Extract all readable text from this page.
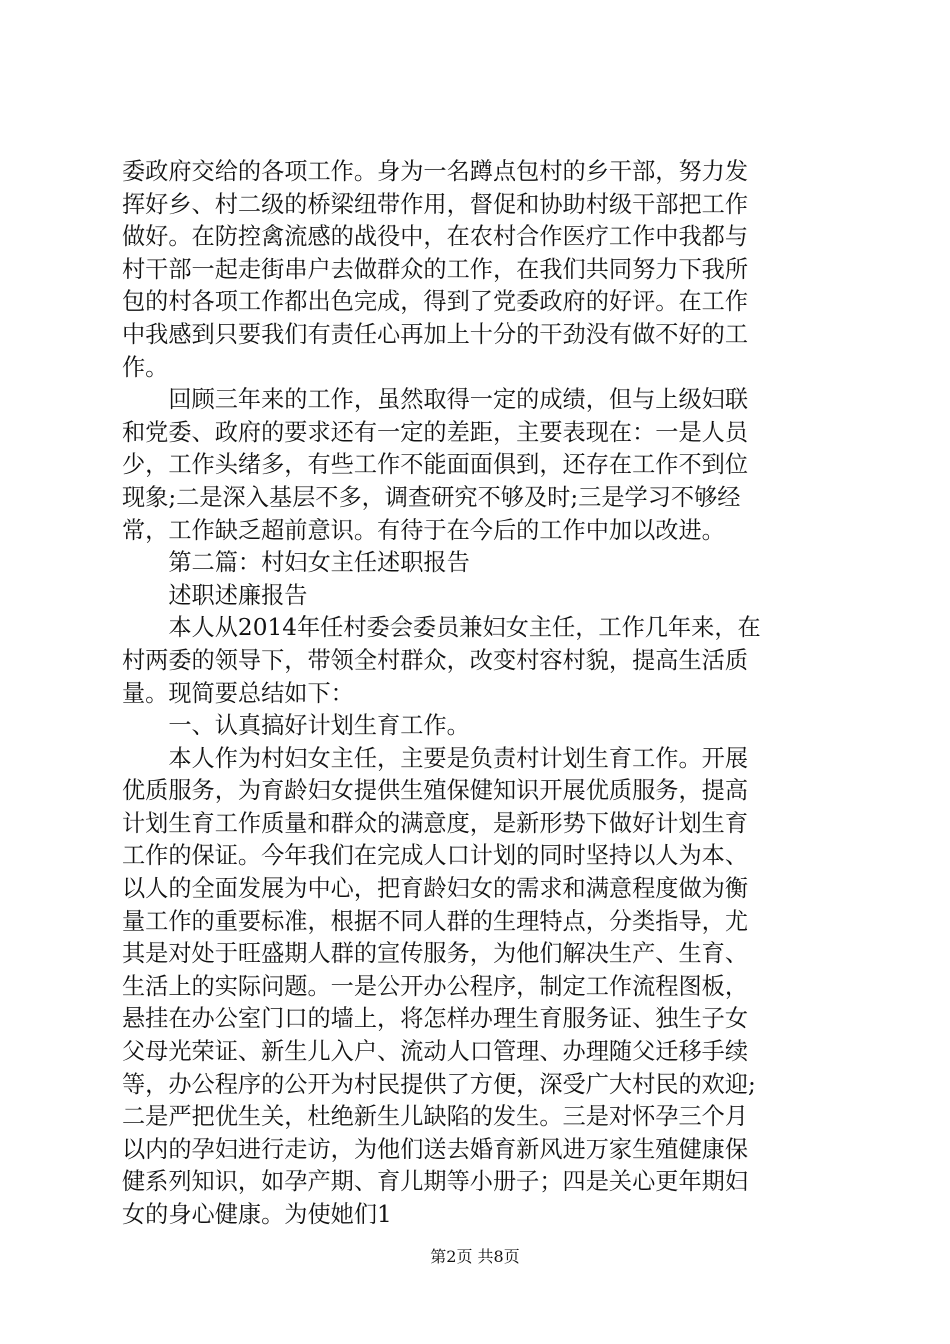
委政府交给的各项工作。身为一名蹲点包村的乡干部，努力发
挥好乡、村二级的桥梁纽带作用，督促和协助村级干部把工作
做好。在防控禽流感的战役中，在农村合作医疗工作中我都与
村干部一起走街串户去做群众的工作，在我们共同努力下我所
包的村各项工作都出色完成，得到了党委政府的好评。在工作
中我感到只要我们有责任心再加上十分的干劲没有做不好的工
作。
　　回顾三年来的工作，虽然取得一定的成绩，但与上级妇联
和党委、政府的要求还有一定的差距，主要表现在：一是人员
少，工作头绪多，有些工作不能面面俱到，还存在工作不到位
现象;二是深入基层不多，调查研究不够及时;三是学习不够经
常，工作缺乏超前意识。有待于在今后的工作中加以改进。
　　第二篇：村妇女主任述职报告
　　述职述廉报告
　　本人从2014年任村委会委员兼妇女主任，工作几年来，在
村两委的领导下，带领全村群众，改变村容村貌，提高生活质
量。现简要总结如下：
　　一、认真搞好计划生育工作。
　　本人作为村妇女主任，主要是负责村计划生育工作。开展
优质服务，为育龄妇女提供生殖保健知识开展优质服务，提高
计划生育工作质量和群众的满意度，是新形势下做好计划生育
工作的保证。今年我们在完成人口计划的同时坚持以人为本、
以人的全面发展为中心，把育龄妇女的需求和满意程度做为衡
量工作的重要标准，根据不同人群的生理特点，分类指导，尤
其是对处于旺盛期人群的宣传服务，为他们解决生产、生育、
生活上的实际问题。一是公开办公程序，制定工作流程图板，
悬挂在办公室门口的墙上，将怎样办理生育服务证、独生子女
父母光荣证、新生儿入户、流动人口管理、办理随父迁移手续
等，办公程序的公开为村民提供了方便，深受广大村民的欢迎;
二是严把优生关，杜绝新生儿缺陷的发生。三是对怀孕三个月
以内的孕妇进行走访，为他们送去婚育新风进万家生殖健康保
健系列知识，如孕产期、育儿期等小册子；四是关心更年期妇
女的身心健康。为使她们1
第2页 共8页
